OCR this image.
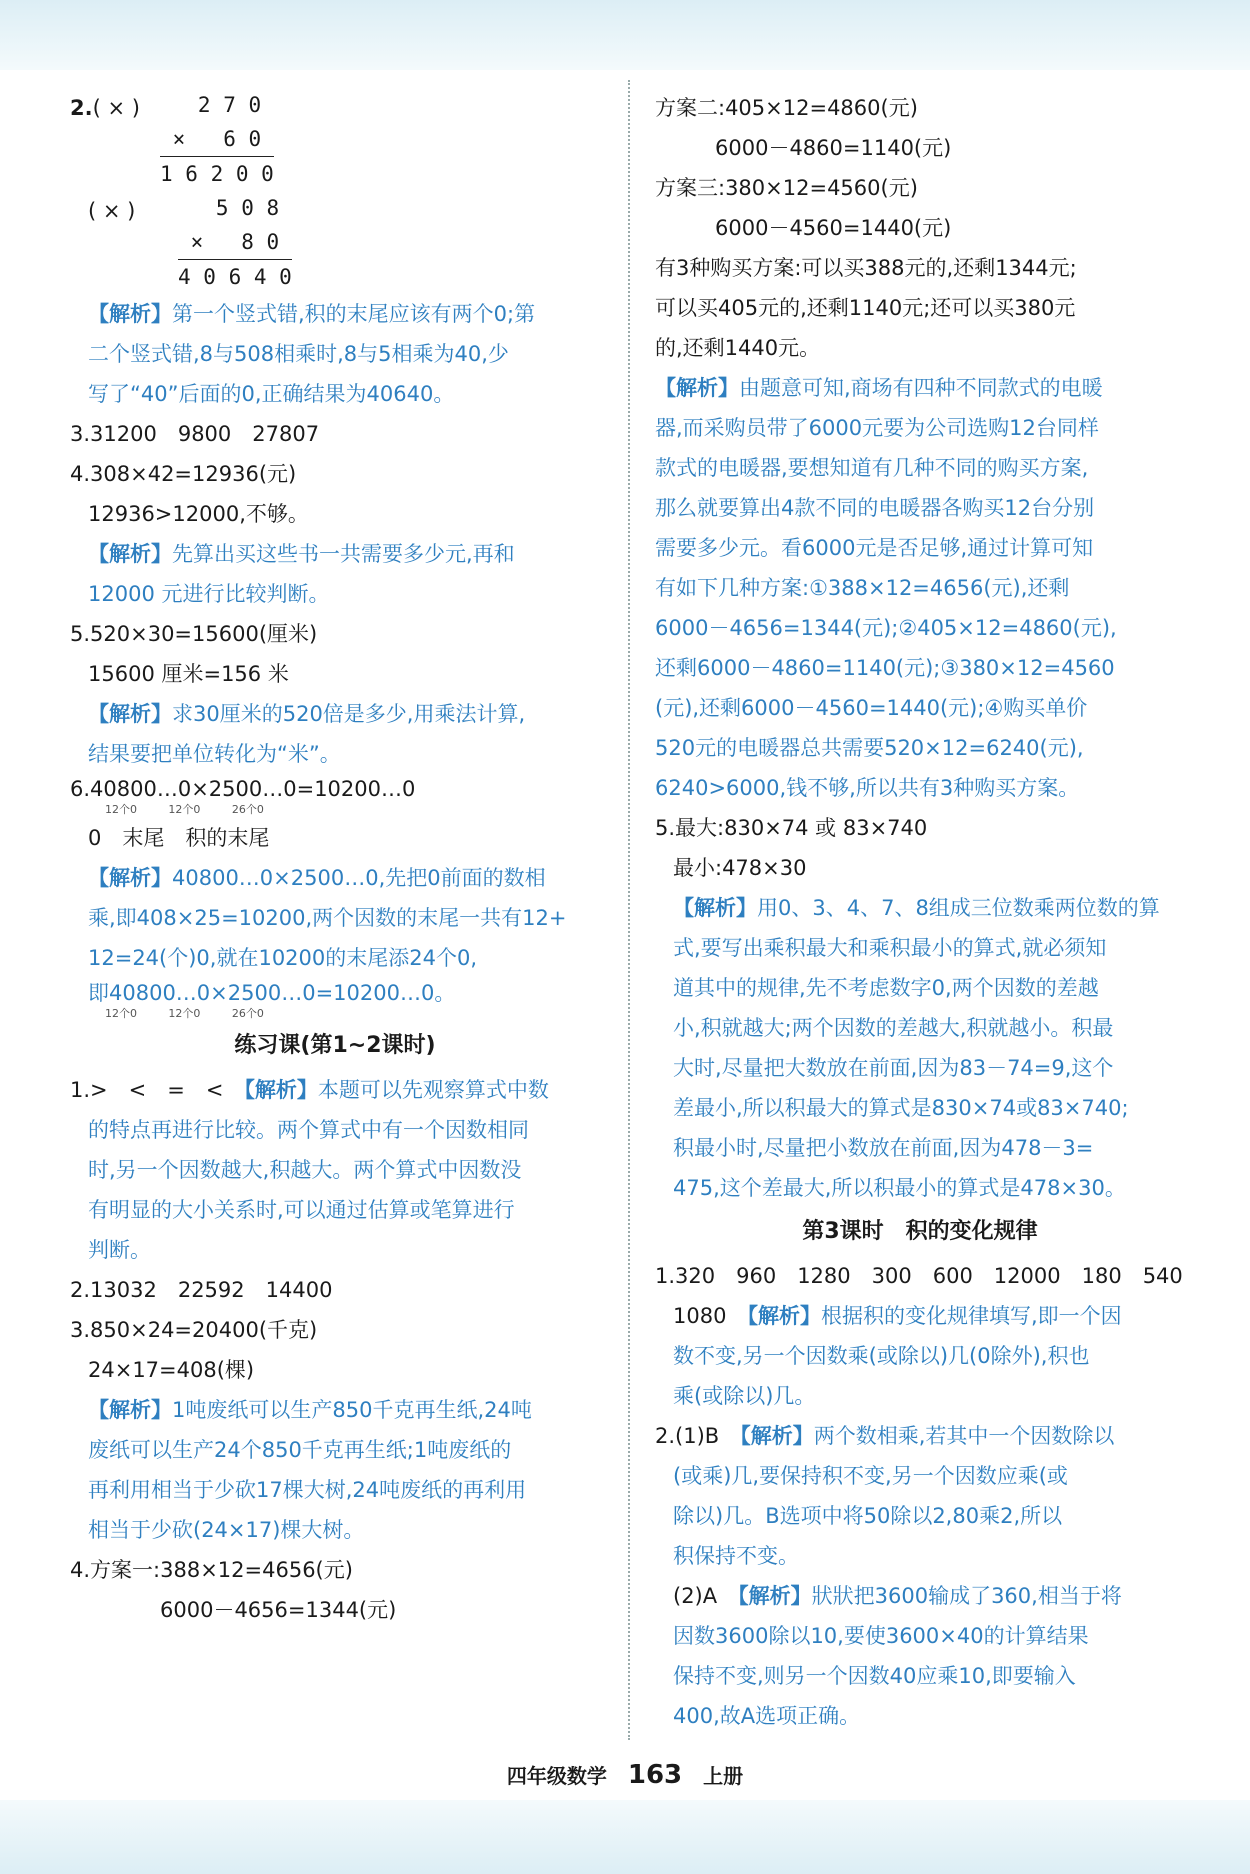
2.( × ) 2 7 0
×   6 0
1 6 2 0 0
( × )	5 0 8
×   8 0
4 0 6 4 0
【解析】第一个竖式错,积的末尾应该有两个0;第
二个竖式错,8与508相乘时,8与5相乘为40,少
写了“40”后面的0,正确结果为40640。
3.31200　9800　27807
4.308×42=12936(元)
12936>12000,不够。
【解析】先算出买这些书一共需要多少元,再和
12000 元进行比较判断。
5.520×30=15600(厘米)
15600 厘米=156 米
【解析】求30厘米的520倍是多少,用乘法计算,
结果要把单位转化为“米”。
6.40800…0×2500…0=10200…0
12个0         12个0         26个0
0　末尾　积的末尾
【解析】40800…0×2500…0,先把0前面的数相
乘,即408×25=10200,两个因数的末尾一共有12+
12=24(个)0,就在10200的末尾添24个0,
即40800…0×2500…0=10200…0。
12个0         12个0         26个0
练习课(第1~2课时)
1.>　<　=　<　 【解析】本题可以先观察算式中数
的特点再进行比较。两个算式中有一个因数相同
时,另一个因数越大,积越大。两个算式中因数没
有明显的大小关系时,可以通过估算或笔算进行
判断。
2.13032　22592　14400
3.850×24=20400(千克)
24×17=408(棵)
【解析】1吨废纸可以生产850千克再生纸,24吨
废纸可以生产24个850千克再生纸;1吨废纸的
再利用相当于少砍17棵大树,24吨废纸的再利用
相当于少砍(24×17)棵大树。
4.方案一:388×12=4656(元)
6000－4656=1344(元)
方案二:405×12=4860(元)
6000－4860=1140(元)
方案三:380×12=4560(元)
6000－4560=1440(元)
有3种购买方案:可以买388元的,还剩1344元;
可以买405元的,还剩1140元;还可以买380元
的,还剩1440元。
【解析】由题意可知,商场有四种不同款式的电暖
器,而采购员带了6000元要为公司选购12台同样
款式的电暖器,要想知道有几种不同的购买方案,
那么就要算出4款不同的电暖器各购买12台分别
需要多少元。看6000元是否足够,通过计算可知
有如下几种方案:①388×12=4656(元),还剩
6000－4656=1344(元);②405×12=4860(元),
还剩6000－4860=1140(元);③380×12=4560
(元),还剩6000－4560=1440(元);④购买单价
520元的电暖器总共需要520×12=6240(元),
6240>6000,钱不够,所以共有3种购买方案。
5.最大:830×74 或 83×740
最小:478×30
【解析】用0、3、4、7、8组成三位数乘两位数的算
式,要写出乘积最大和乘积最小的算式,就必须知
道其中的规律,先不考虑数字0,两个因数的差越
小,积就越大;两个因数的差越大,积就越小。积最
大时,尽量把大数放在前面,因为83－74=9,这个
差最小,所以积最大的算式是830×74或83×740;
积最小时,尽量把小数放在前面,因为478－3=
475,这个差最大,所以积最小的算式是478×30。
第3课时　积的变化规律
1.320　960　1280　300　600　12000　180　540
1080　 【解析】根据积的变化规律填写,即一个因
数不变,另一个因数乘(或除以)几(0除外),积也
乘(或除以)几。
2.(1)B　 【解析】两个数相乘,若其中一个因数除以
(或乘)几,要保持积不变,另一个因数应乘(或
除以)几。B选项中将50除以2,80乘2,所以
积保持不变。
(2)A　 【解析】狀狀把3600输成了360,相当于将
因数3600除以10,要使3600×40的计算结果
保持不变,则另一个因数40应乘10,即要输入
400,故A选项正确。
四年级数学 163 上册
